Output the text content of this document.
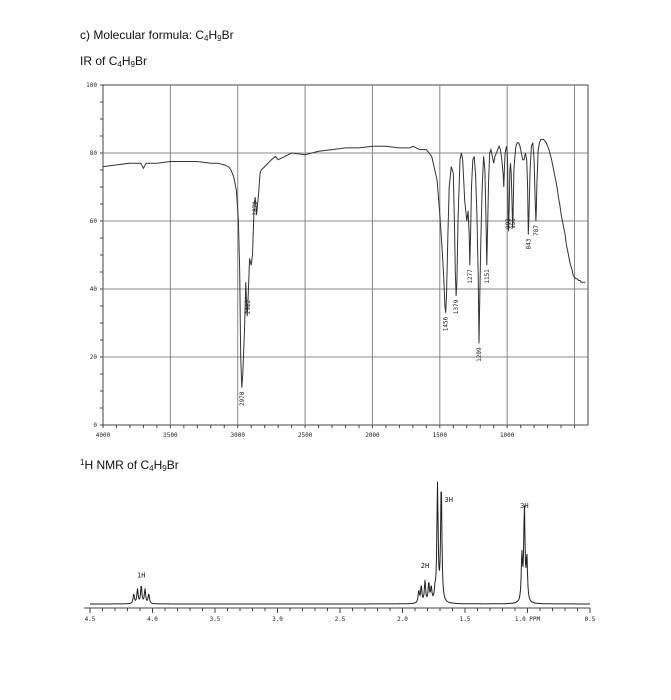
c) Molecular formula: $C_4H_9Br$
IR of $C_4H_9Br$
$^1$H NMR of $C_4H_9Br$
4000	3500	3000	2500	2000	1500	1000
0
20
40
60
80
100
2970
2922
2870
1456
1379
1277
1209
1151
993
956
843
787
4.5	4.0	3.5	3.0	2.5	2.0	1.5	1.0 PPM	0.5
1H
2H
3H
3H
